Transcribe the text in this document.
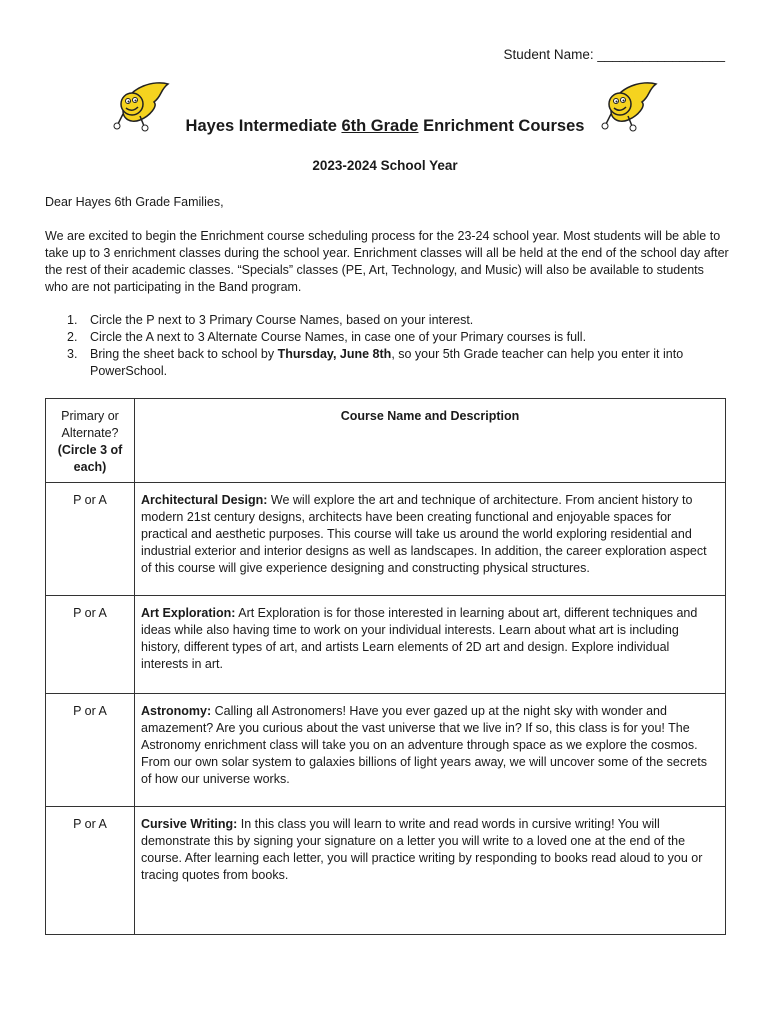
Student Name: _________________
Hayes Intermediate 6th Grade Enrichment Courses
2023-2024 School Year
Dear Hayes 6th Grade Families,

We are excited to begin the Enrichment course scheduling process for the 23-24 school year. Most students will be able to take up to 3 enrichment classes during the school year. Enrichment classes will all be held at the end of the school day after the rest of their academic classes. “Specials” classes (PE, Art, Technology, and Music) will also be available to students who are not participating in the Band program.

1. Circle the P next to 3 Primary Course Names, based on your interest.
2. Circle the A next to 3 Alternate Course Names, in case one of your Primary courses is full.
3. Bring the sheet back to school by Thursday, June 8th, so your 5th Grade teacher can help you enter it into PowerSchool.
Primary or Alternate?
(Circle 3 of each)	Course Name and Description
P or A	Architectural Design: We will explore the art and technique of architecture. From ancient history to modern 21st century designs, architects have been creating functional and enjoyable spaces for practical and aesthetic purposes. This course will take us around the world exploring residential and industrial exterior and interior designs as well as landscapes. In addition, the career exploration aspect of this course will give experience designing and constructing physical structures.
P or A	Art Exploration: Art Exploration is for those interested in learning about art, different techniques and ideas while also having time to work on your individual interests. Learn about what art is including history, different types of art, and artists Learn elements of 2D art and design. Explore individual interests in art.
P or A	Astronomy: Calling all Astronomers! Have you ever gazed up at the night sky with wonder and amazement? Are you curious about the vast universe that we live in? If so, this class is for you! The Astronomy enrichment class will take you on an adventure through space as we explore the cosmos. From our own solar system to galaxies billions of light years away, we will uncover some of the secrets of how our universe works.
P or A	Cursive Writing: In this class you will learn to write and read words in cursive writing! You will demonstrate this by signing your signature on a letter you will write to a loved one at the end of the course. After learning each letter, you will practice writing by responding to books read aloud to you or tracing quotes from books.
